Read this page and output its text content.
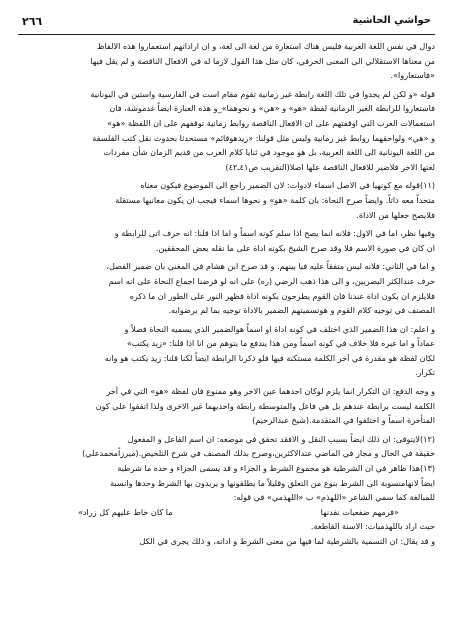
٢٦٦	حواشي الحاشية
دوال في نفس اللغة العربية فليس هناك استعارة من لغة الى لغة، و ان اراداتهم استعماروا هذه الالفاظ
من معناها الاستقلالي الى المعنى الحرفي، كان مثل هذا القول لازما له في الافعال الناقصة و لم يقل فيها
«فاستعاروا».
قوله «و لكن لم يجدوا في تلك اللغة رابطة غير زمانية تقوم مقام است في الفارسية واستين في اليونانية
فاستعاروا للرابطة الغير الزمانية لفظة «هو» و «هي» و نحوهما»_و هذه العبارة ايضاً غدموشة، فان
استعمالات العرب التي اوقفتهم على ان الافعال الناقصة روابط زمانية توقفهم على ان اللفظة «هو»
و «هي» ولواحقهما روابط غير زمانية وليس مثل قولنا: «زيدهوقائم» مستحدثا بحدوث نقل كتب الفلسفة
من اللغة اليونانية الى اللغة العربية، بل هو موجود في ثنايا كلام العرب من قديم الزمان شأن مفردات
لغتها الاخر فلاضير للافعال الناقصة علها اصلا(التقريب ص٤١ـ٤٢)
(١١)قوله مع كونهيا في الاصل اسماء لادوات: لان الضمير راجع الى الموضوع فيكون معناه
متحداً معه ذاتاً. وايضاً صرح النحاة: بان كلمة «هو» و نحوها اسماء فيجب ان يكون معانيها مستقلة
فلايصح جعلها من الاداة.
وفيها نظر، اما في الاول: فلانه انما يصح اذا سلم كونه اسماً و اما اذا قلنا: انه حرف اتى للرابطة و
ان كان في صورة الاسم فلا وقد صرح الشيخ بكونه اداة على ما نقله بعض المحققين.
و اما في الثاني: فلانه ليس متفقاً عليه فيا بينهم. و قد صرح ابن هشام في المغني بان ضمير الفصل،
حرف عندالكثر البصريين، و الى هذا ذهب الرضي (ره) على انه لو فرضنا اجماع النحاة على انه اسم
فلايلزم ان يكون اداة عندنا فان القوم يطرحون بكونه اداة فظهر النور على الطور ان ما ذكره
المصنف في توجيه كلام القوم و هوتسميتهم الضمير بالاداة توجيه بما لم يرضوابه.
و اعلم: ان هذا الضمير الذي اختلف في كونه اداة او اسماً هوالضمير الذي يسميه النحاة فصلاً و
عماداً و اما غيره فلا خلاف في كونه اسماً ومن هذا يندفع ما يتوهم من انا اذا قلنا: «زيد يكتب»
لكان لفظة هو مقدرة في آخر الكلمة مستكنة فيها فلو ذكرنا الرابطة ايضاً لكنا قلنا: زيد يكتب هو وانه
تكرار.
و وجه الدفع: ان التكرار انما يلزم لوكان احدهما عين الاخر وهو ممنوع فان لفظة «هو» التي في آخر
الكلمة ليست برابطة عندهم بل هي فاعل والمتوسطة رابطة واحديهما غير الاخرى ولذا اتفقوا على كون
المتأخرة اسماً و اختلفوا في المتقدمة.(شيخ عبدالرحيم)
(١٢)لايتوقى: ان ذلك ايضاً بسبب النقل و الافقد تحقق في موضعه: ان اسم الفاعل و المفعول
حقيقة في الحال و مجاز في الماضي عندالاكثرين،وصرح بذلك المصنف في شرح التلخيص.(ميرزاًمحمدعلي)
(١٣)هذا ظاهر في ان الشرطية هو مجموع الشرط و الجزاء و قد يسمى الجزاء و حده ما شرطية
ايضاً لانهامنسوبة الى الشرط بنوع من التعلق وقليلاً ما يطلقونها و يريدون بها الشرط وحدها وانسبة
للمبالغة كما سمي الشاعر «اللهذم» ب «اللهذمي» في قوله:
«فرمهم ضفعيات نقدنها
ما كان خاط عليهم كل زراد»
حيث اراد باللهذميات: الاسنة القاطعة.
و قد يقال: ان التسمية بالشرطية لما فيها من معنى الشرط و اداته، و ذلك يجرى في الكل
